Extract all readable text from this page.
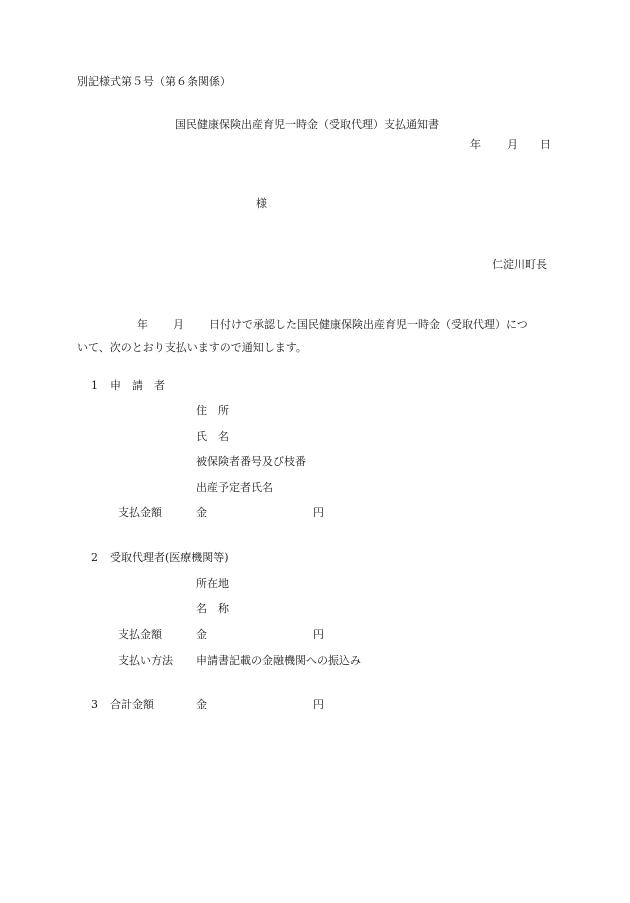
別記様式第５号（第６条関係）
国民健康保険出産育児一時金（受取代理）支払通知書
年 月 日
様
仁淀川町長
年 月 日付けで承認した国民健康保険出産育児一時金（受取代理）につ
いて、次のとおり支払いますので通知します。
1 申　請　者
住　所
氏　名
被保険者番号及び枝番
出産予定者氏名
支払金額	金	円
2 受取代理者(医療機関等)
所在地
名　称
支払金額	金	円
支払い方法 申請書記載の金融機関への振込み
3 合計金額	金	円
